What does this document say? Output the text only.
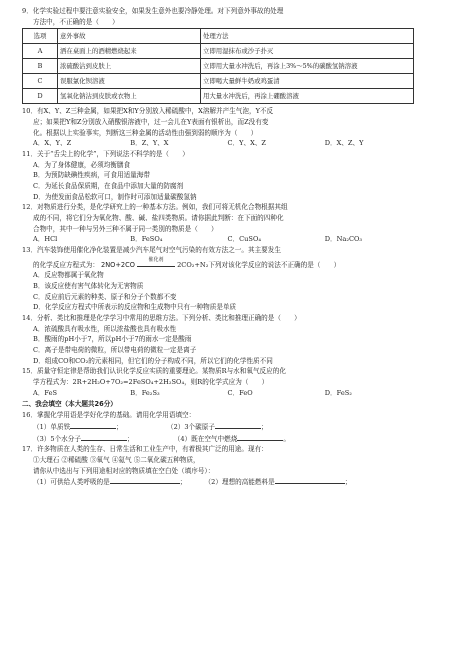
9．化学实验过程中要注意实验安全，如果发生意外也要冷静处理。对下列意外事故的处理
方法中，不正确的是（　　）
选项	意外事故	处理方法
A	洒在桌面上的酒精燃烧起来	立即用湿抹布或沙子扑灭
B	浓硫酸沾到皮肤上	立即用大量水冲洗后，再涂上3%～5%的碳酸氢钠溶液
C	误服氯化钡溶液	立即喝大量鲜牛奶或鸡蛋清
D	氢氧化钠沾到皮肤或衣物上	用大量水冲洗后，再涂上硼酸溶液
10．有X、Y、Z三种金属，如果把X和Y分别放入稀硫酸中，X溶解并产生气泡，Y不反
应；如果把Y和Z分别放入硝酸银溶液中，过一会儿在Y表面有银析出，而Z没有变
化。根据以上实验事实，判断这三种金属的活动性由强到弱的顺序为（　　）
A．X、Y、Z	B．Z、Y、X	C．Y、X、Z	D．X、Z、Y
11．关于“舌尖上的化学”，下列说法不科学的是（　　）
A．为了身体健康，必须均衡膳食
B．为预防缺碘性疾病，可食用适量海带
C．为延长食品保质期，在食品中添加大量的防腐剂
D．为使发面食品松软可口，制作时可添加适量碳酸氢钠
12．对物质进行分类，是化学研究上的一种基本方法。例如，我们可将无机化合物根据其组
成的不同，将它们分为氧化物、酸、碱、盐四类物质。请你据此判断：在下面的四种化
合物中，其中一种与另外三种不属于同一类别的物质是（　　）
A．HCl	B．FeSO₄	C．CuSO₄	D．Na₂CO₃
13．汽车装饰使用催化净化装置是减少汽车尾气对空气污染的有效方法之一。其主要发生
的化学反应方程式为： 2NO+2CO
催化剂
2CO₂+N₂下列对该化学反应的说法不正确的是（　　）
A．反应物都属于氧化物
B．该反应使有害气体转化为无害物质
C．反应前后元素的种类、原子和分子个数都不变
D．化学反应方程式中所表示的反应物和生成物中只有一种物质是单质
14．分析、类比和推理是化学学习中常用的思维方法。下列分析、类比和推理正确的是（　　）
A．浓硫酸具有吸水性，所以浓盐酸也具有吸水性
B．酸雨的pH小于7，所以pH小于7的雨水一定是酸雨
C．离子是带电荷的微粒，所以带电荷的微粒一定是离子
D．组成CO和CO₂的元素相同，但它们的分子构成不同，所以它们的化学性质不同
15．质量守恒定律是帮助我们认识化学反应实质的重要理论。某物质R与水和氧气反应的化
学方程式为：2R+2H₂O+7O₂=2FeSO₄+2H₂SO₄，则R的化学式应为（　　）
A．FeS	B．Fe₂S₃	C．FeO	D．FeS₂
二、我会填空（本大题共26分）
16．掌握化学用语是学好化学的基础。请用化学用语填空：
（1）单质铁	；	（2）3个碳原子	；
（3）5个水分子	；	（4）既在空气中燃烧	。
17．许多物质在人类的生存、日常生活和工业生产中，有着极其广泛的用途。现有：
①大理石 ②稀硫酸 ③氧气 ④氦气 ⑤二氧化碳五种物质，
请你从中选出与下列用途相对应的物质填在空白处（填序号）：
（1）可供给人类呼吸的是	；  （2）理想的高能燃料是	；
